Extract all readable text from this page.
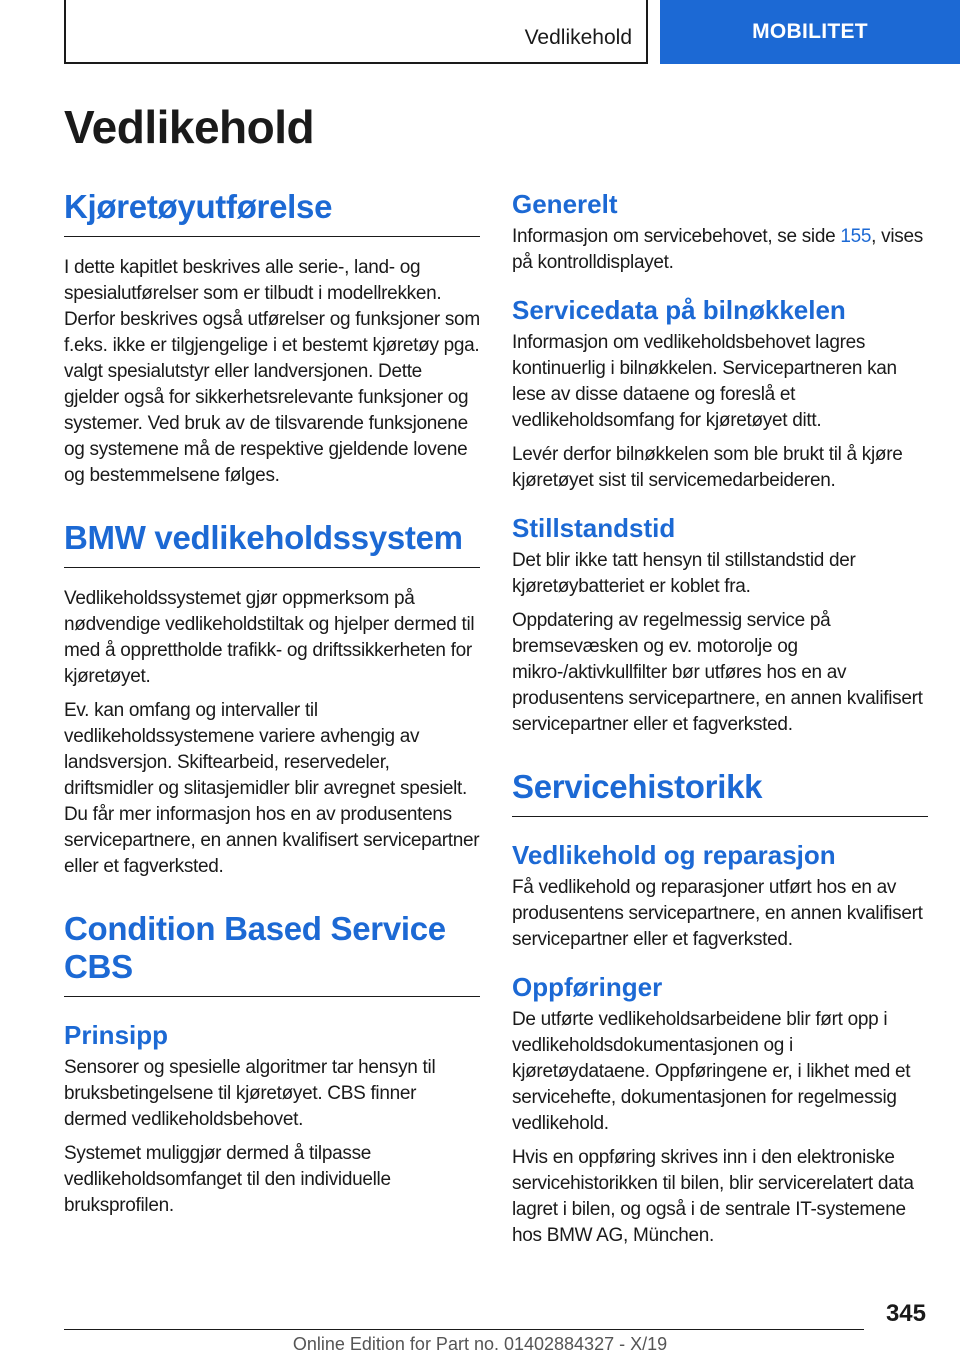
Vedlikehold	MOBILITET
Vedlikehold
Kjøretøyutførelse

I dette kapitlet beskrives alle serie-, land- og spesialutførelser som er tilbudt i modellrekken. Derfor beskrives også utførelser og funksjoner som f.eks. ikke er tilgjengelige i et bestemt kjøretøy pga. valgt spesialutstyr eller landversjonen. Dette gjelder også for sikkerhetsrelevante funksjoner og systemer. Ved bruk av de tilsvarende funksjonene og systemene må de respektive gjeldende lovene og bestemmelsene følges.

BMW vedlikeholdssystem

Vedlikeholdssystemet gjør oppmerksom på nødvendige vedlikeholdstiltak og hjelper dermed til med å opprettholde trafikk- og driftssikkerheten for kjøretøyet.

Ev. kan omfang og intervaller til vedlikeholdssystemene variere avhengig av landsversjon. Skiftearbeid, reservedeler, driftsmidler og slitasjemidler blir avregnet spesielt. Du får mer informasjon hos en av produsentens servicepartnere, en annen kvalifisert servicepartner eller et fagverksted.

Condition Based Service CBS
Prinsipp

Sensorer og spesielle algoritmer tar hensyn til bruksbetingelsene til kjøretøyet. CBS finner dermed vedlikeholdsbehovet.

Systemet muliggjør dermed å tilpasse vedlikeholdsomfanget til den individuelle bruksprofilen.

Generelt

Informasjon om servicebehovet, se side 155, vises på kontrolldisplayet.

Servicedata på bilnøkkelen

Informasjon om vedlikeholdsbehovet lagres kontinuerlig i bilnøkkelen. Servicepartneren kan lese av disse dataene og foreslå et vedlikeholdsomfang for kjøretøyet ditt.

Levér derfor bilnøkkelen som ble brukt til å kjøre kjøretøyet sist til servicemedarbeideren.

Stillstandstid

Det blir ikke tatt hensyn til stillstandstid der kjøretøybatteriet er koblet fra.

Oppdatering av regelmessig service på bremsevæsken og ev. motorolje og mikro-/aktivkullfilter bør utføres hos en av produsentens servicepartnere, en annen kvalifisert servicepartner eller et fagverksted.

Servicehistorikk
Vedlikehold og reparasjon

Få vedlikehold og reparasjoner utført hos en av produsentens servicepartnere, en annen kvalifisert servicepartner eller et fagverksted.

Oppføringer

De utførte vedlikeholdsarbeidene blir ført opp i vedlikeholdsdokumentasjonen og i kjøretøydataene. Oppføringene er, i likhet med et servicehefte, dokumentasjonen for regelmessig vedlikehold.

Hvis en oppføring skrives inn i den elektroniske servicehistorikken til bilen, blir servicerelatert data lagret i bilen, og også i de sentrale IT-systemene hos BMW AG, München.

345
Online Edition for Part no. 01402884327 - X/19
